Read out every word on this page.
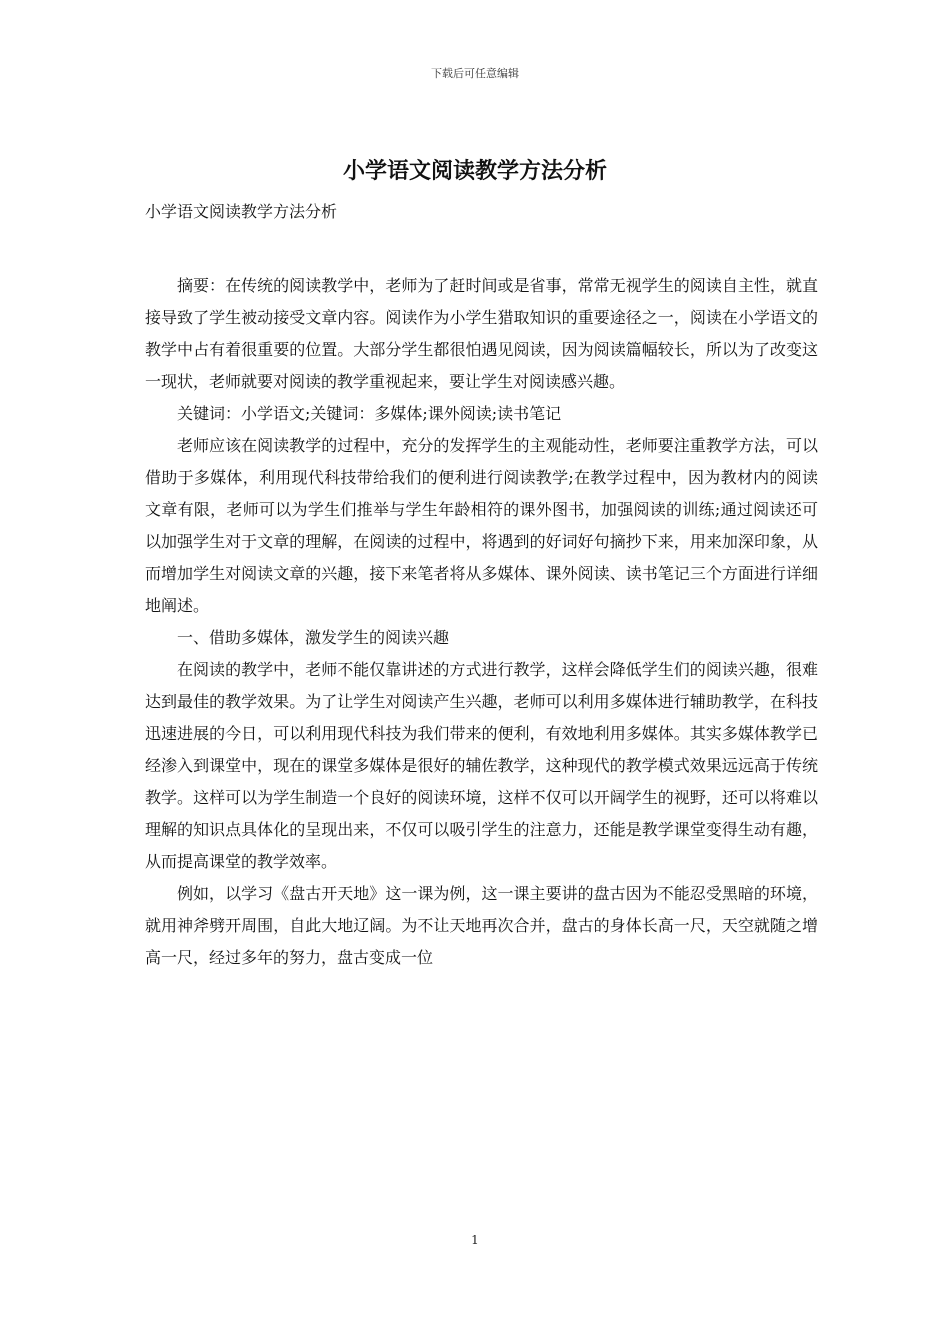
下载后可任意编辑
小学语文阅读教学方法分析

小学语文阅读教学方法分析

摘要：在传统的阅读教学中，老师为了赶时间或是省事，常常无视学生的阅读自主性，就直接导致了学生被动接受文章内容。阅读作为小学生猎取知识的重要途径之一，阅读在小学语文的教学中占有着很重要的位置。大部分学生都很怕遇见阅读，因为阅读篇幅较长，所以为了改变这一现状，老师就要对阅读的教学重视起来，要让学生对阅读感兴趣。

关键词：小学语文;关键词：多媒体;课外阅读;读书笔记

老师应该在阅读教学的过程中，充分的发挥学生的主观能动性，老师要注重教学方法，可以借助于多媒体，利用现代科技带给我们的便利进行阅读教学;在教学过程中，因为教材内的阅读文章有限，老师可以为学生们推举与学生年龄相符的课外图书，加强阅读的训练;通过阅读还可以加强学生对于文章的理解，在阅读的过程中，将遇到的好词好句摘抄下来，用来加深印象，从而增加学生对阅读文章的兴趣，接下来笔者将从多媒体、课外阅读、读书笔记三个方面进行详细地阐述。

一、借助多媒体，激发学生的阅读兴趣

在阅读的教学中，老师不能仅靠讲述的方式进行教学，这样会降低学生们的阅读兴趣，很难达到最佳的教学效果。为了让学生对阅读产生兴趣，老师可以利用多媒体进行辅助教学，在科技迅速进展的今日，可以利用现代科技为我们带来的便利，有效地利用多媒体。其实多媒体教学已经渗入到课堂中，现在的课堂多媒体是很好的辅佐教学，这种现代的教学模式效果远远高于传统教学。这样可以为学生制造一个良好的阅读环境，这样不仅可以开阔学生的视野，还可以将难以理解的知识点具体化的呈现出来，不仅可以吸引学生的注意力，还能是教学课堂变得生动有趣，从而提高课堂的教学效率。

例如，以学习《盘古开天地》这一课为例，这一课主要讲的盘古因为不能忍受黑暗的环境，就用神斧劈开周围，自此大地辽阔。为不让天地再次合并，盘古的身体长高一尺，天空就随之增高一尺，经过多年的努力，盘古变成一位

1
